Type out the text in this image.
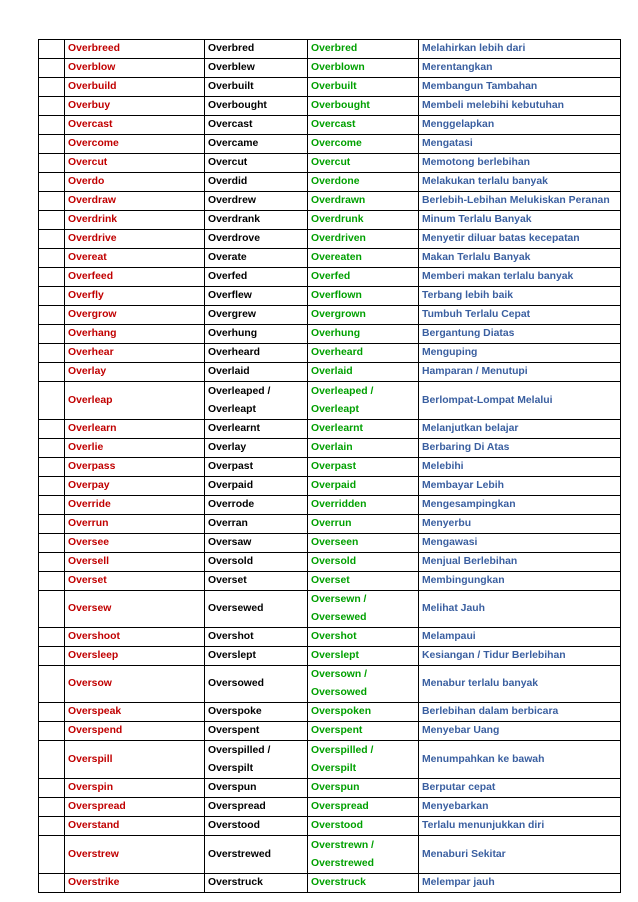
	Overbreed	Overbred	Overbred	Melahirkan lebih dari
	Overblow	Overblew	Overblown	Merentangkan
	Overbuild	Overbuilt	Overbuilt	Membangun Tambahan
	Overbuy	Overbought	Overbought	Membeli melebihi kebutuhan
	Overcast	Overcast	Overcast	Menggelapkan
	Overcome	Overcame	Overcome	Mengatasi
	Overcut	Overcut	Overcut	Memotong berlebihan
	Overdo	Overdid	Overdone	Melakukan terlalu banyak
	Overdraw	Overdrew	Overdrawn	Berlebih-Lebihan Melukiskan Peranan
	Overdrink	Overdrank	Overdrunk	Minum Terlalu Banyak
	Overdrive	Overdrove	Overdriven	Menyetir diluar batas kecepatan
	Overeat	Overate	Overeaten	Makan Terlalu Banyak
	Overfeed	Overfed	Overfed	Memberi makan terlalu banyak
	Overfly	Overflew	Overflown	Terbang lebih baik
	Overgrow	Overgrew	Overgrown	Tumbuh Terlalu Cepat
	Overhang	Overhung	Overhung	Bergantung Diatas
	Overhear	Overheard	Overheard	Menguping
	Overlay	Overlaid	Overlaid	Hamparan / Menutupi
	Overleap	Overleaped / Overleapt	Overleaped / Overleapt	Berlompat-Lompat Melalui
	Overlearn	Overlearnt	Overlearnt	Melanjutkan belajar
	Overlie	Overlay	Overlain	Berbaring Di Atas
	Overpass	Overpast	Overpast	Melebihi
	Overpay	Overpaid	Overpaid	Membayar Lebih
	Override	Overrode	Overridden	Mengesampingkan
	Overrun	Overran	Overrun	Menyerbu
	Oversee	Oversaw	Overseen	Mengawasi
	Oversell	Oversold	Oversold	Menjual Berlebihan
	Overset	Overset	Overset	Membingungkan
	Oversew	Oversewed	Oversewn / Oversewed	Melihat Jauh
	Overshoot	Overshot	Overshot	Melampaui
	Oversleep	Overslept	Overslept	Kesiangan / Tidur Berlebihan
	Oversow	Oversowed	Oversown / Oversowed	Menabur terlalu banyak
	Overspeak	Overspoke	Overspoken	Berlebihan dalam berbicara
	Overspend	Overspent	Overspent	Menyebar Uang
	Overspill	Overspilled / Overspilt	Overspilled / Overspilt	Menumpahkan ke bawah
	Overspin	Overspun	Overspun	Berputar cepat
	Overspread	Overspread	Overspread	Menyebarkan
	Overstand	Overstood	Overstood	Terlalu menunjukkan diri
	Overstrew	Overstrewed	Overstrewn / Overstrewed	Menaburi Sekitar
	Overstrike	Overstruck	Overstruck	Melempar jauh
